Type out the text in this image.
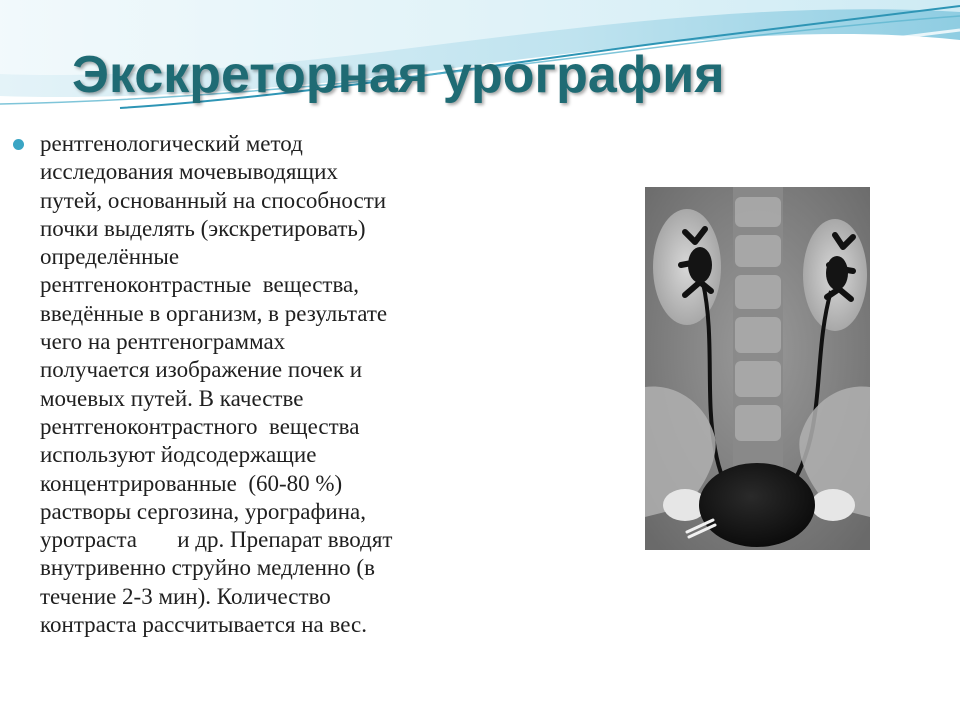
Экскреторная урография
рентгенологический метод
исследования мочевыводящих
путей, основанный на способности
почки выделять (экскретировать)
определённые
рентгеноконтрастные  вещества,
введённые в организм, в результате
чего на рентгенограммах
получается изображение почек и
мочевых путей. В качестве
рентгеноконтрастного  вещества
используют йодсодержащие
концентрированные  (60-80 %)
растворы сергозина, урографина,
уротраста       и др. Препарат вводят
внутривенно струйно медленно (в
течение 2-3 мин). Количество
контраста рассчитывается на вес.
